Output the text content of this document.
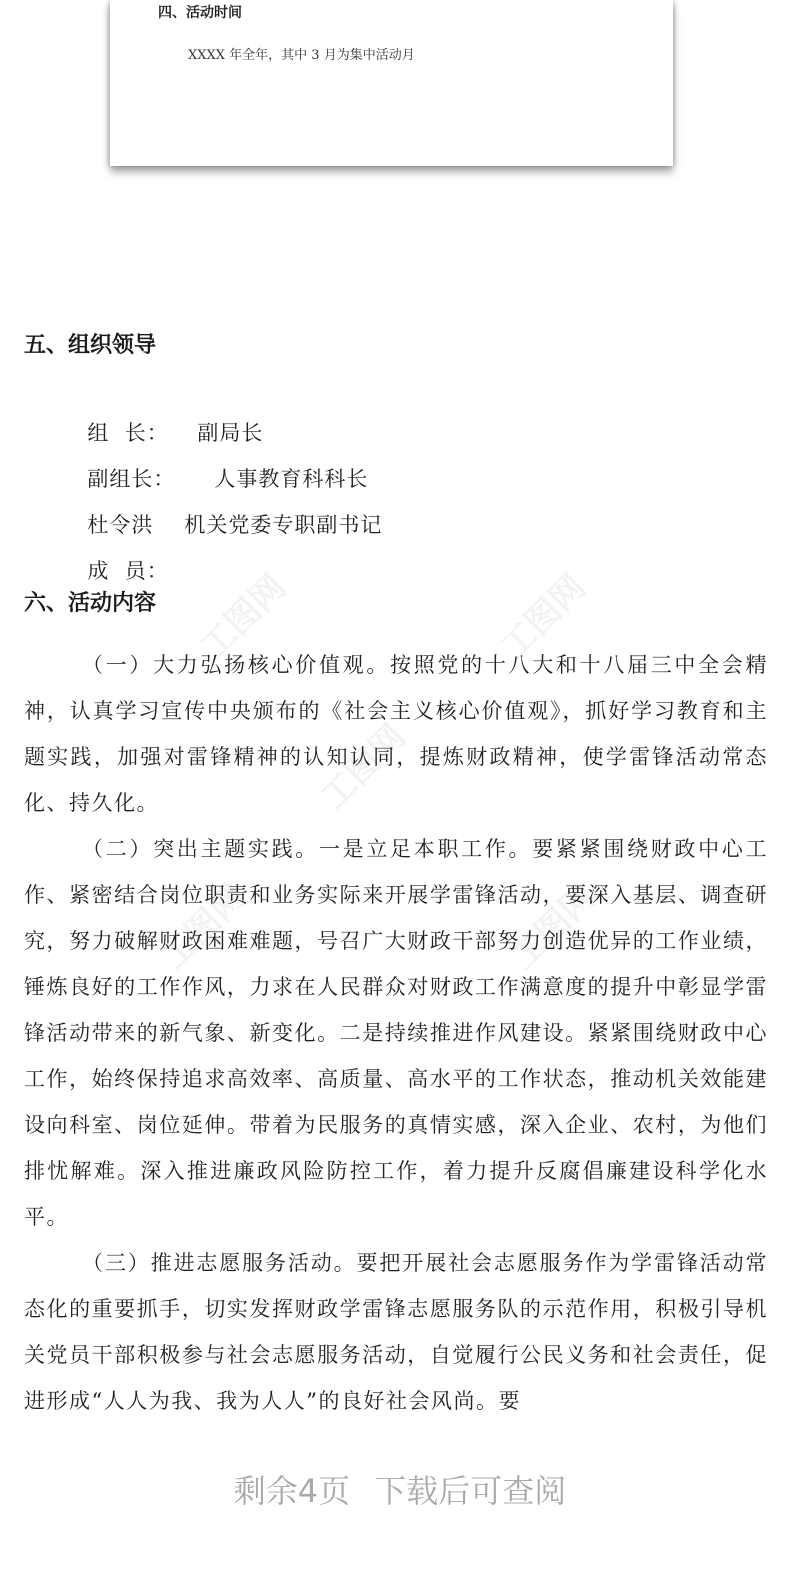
四、活动时间
XXXX 年全年，其中 3 月为集中活动月
工图网	工图网
工图网
工图网	工图网
五、组织领导

组  长： 副局长

副组长： 人事教育科科长

杜令洪 机关党委专职副书记

成  员：

六、活动内容

（一）大力弘扬核心价值观。按照党的十八大和十八届三中全会精神，认真学习宣传中央颁布的《社会主义核心价值观》，抓好学习教育和主题实践，加强对雷锋精神的认知认同，提炼财政精神，使学雷锋活动常态化、持久化。

（二）突出主题实践。一是立足本职工作。要紧紧围绕财政中心工作、紧密结合岗位职责和业务实际来开展学雷锋活动，要深入基层、调查研究，努力破解财政困难难题，号召广大财政干部努力创造优异的工作业绩，锤炼良好的工作作风，力求在人民群众对财政工作满意度的提升中彰显学雷锋活动带来的新气象、新变化。二是持续推进作风建设。紧紧围绕财政中心工作，始终保持追求高效率、高质量、高水平的工作状态，推动机关效能建设向科室、岗位延伸。带着为民服务的真情实感，深入企业、农村，为他们排忧解难。深入推进廉政风险防控工作，着力提升反腐倡廉建设科学化水平。

（三）推进志愿服务活动。要把开展社会志愿服务作为学雷锋活动常态化的重要抓手，切实发挥财政学雷锋志愿服务队的示范作用，积极引导机关党员干部积极参与社会志愿服务活动，自觉履行公民义务和社会责任，促进形成“人人为我、我为人人”的良好社会风尚。要

剩余4页 下载后可查阅
